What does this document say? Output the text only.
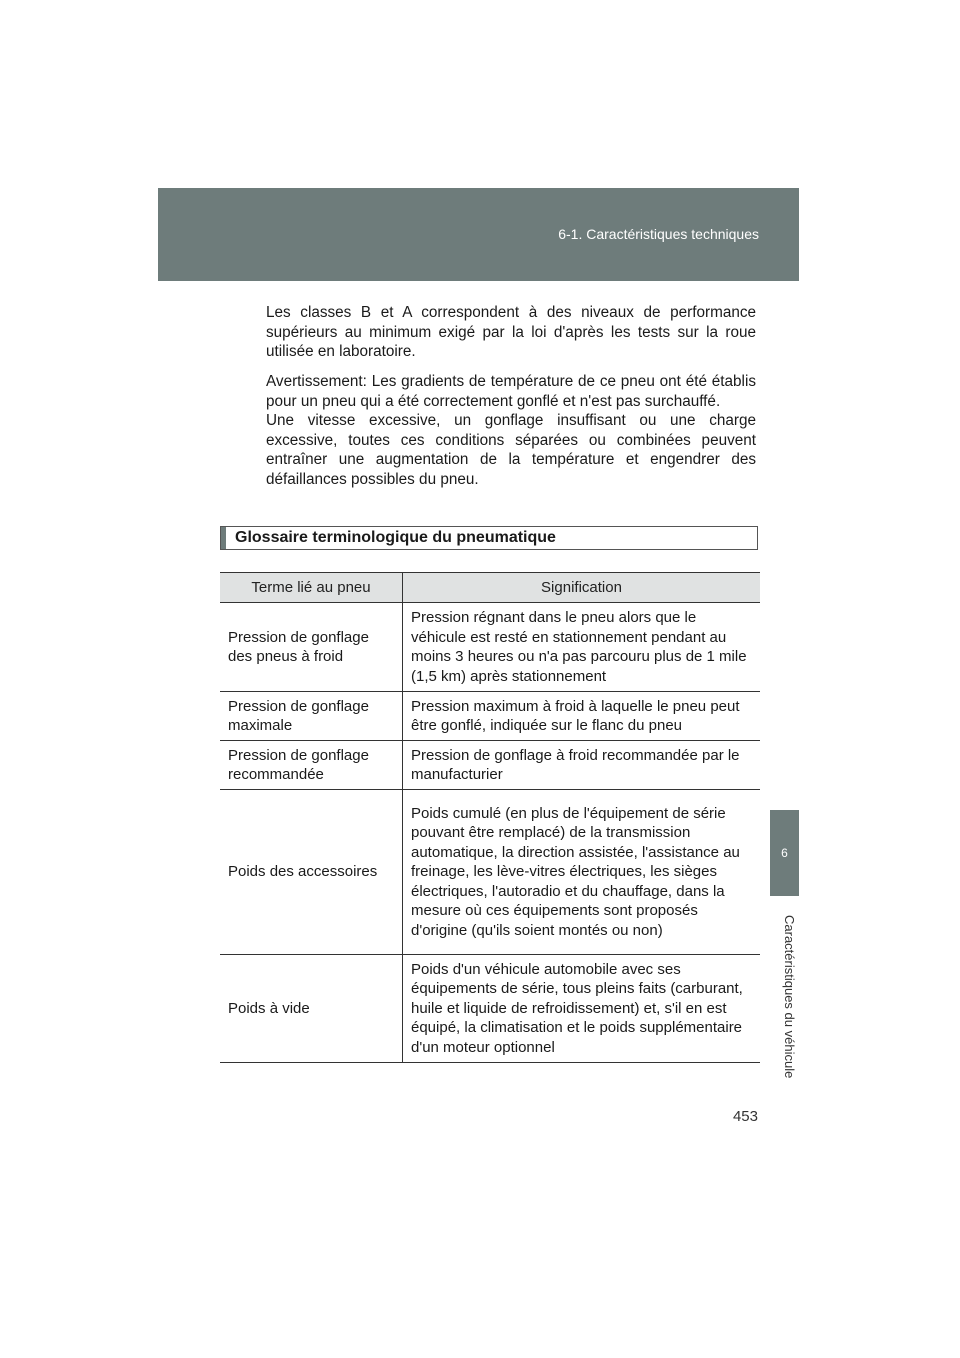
6-1. Caractéristiques techniques
6
Caractéristiques du véhicule

Les classes B et A correspondent à des niveaux de performance supérieurs au minimum exigé par la loi d'après les tests sur la roue utilisée en laboratoire.

Avertissement: Les gradients de température de ce pneu ont été établis pour un pneu qui a été correctement gonflé et n'est pas surchauffé.
Une vitesse excessive, un gonflage insuffisant ou une charge excessive, toutes ces conditions séparées ou combinées peuvent entraîner une augmentation de la température et engendrer des défaillances possibles du pneu.
Glossaire terminologique du pneumatique
Terme lié au pneu	Signification
Pression de gonflage des pneus à froid	Pression régnant dans le pneu alors que le véhicule est resté en stationnement pendant au moins 3 heures ou n'a pas parcouru plus de 1 mile (1,5 km) après stationnement
Pression de gonflage maximale	Pression maximum à froid à laquelle le pneu peut être gonflé, indiquée sur le flanc du pneu
Pression de gonflage recommandée	Pression de gonflage à froid recommandée par le manufacturier
Poids des accessoires	Poids cumulé (en plus de l'équipement de série pouvant être remplacé) de la transmission automatique, la direction assistée, l'assistance au freinage, les lève-vitres électriques, les sièges électriques, l'autoradio et du chauffage, dans la mesure où ces équipements sont proposés d'origine (qu'ils soient montés ou non)
Poids à vide	Poids d'un véhicule automobile avec ses équipements de série, tous pleins faits (carburant, huile et liquide de refroidissement) et, s'il en est équipé, la climatisation et le poids supplémentaire d'un moteur optionnel
453
